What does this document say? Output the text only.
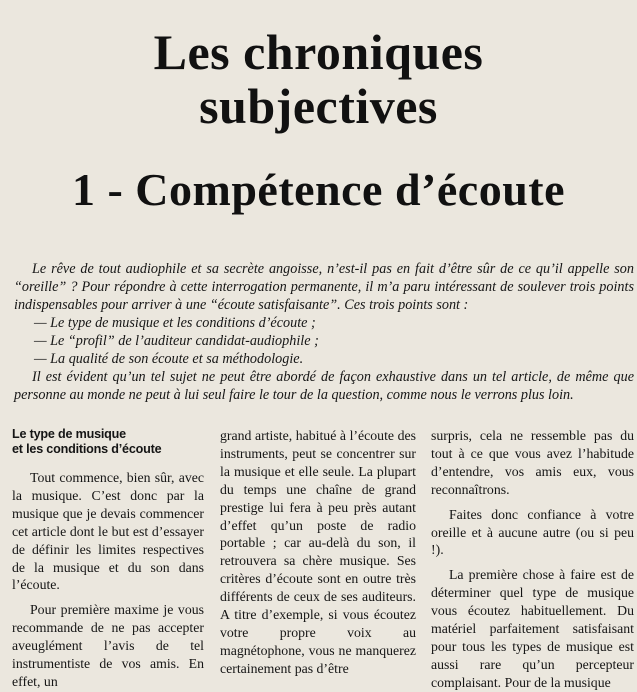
Les chroniques
subjectives
1 - Compétence d’écoute

Le rêve de tout audiophile et sa secrète angoisse, n’est-il pas en fait d’être sûr de ce qu’il appelle son “oreille” ? Pour répondre à cette interrogation permanente, il m’a paru intéressant de soulever trois points indispensables pour arriver à une “écoute satisfaisante”. Ces trois points sont :

— Le type de musique et les conditions d’écoute ;
— Le “profil” de l’auditeur candidat-audiophile ;
— La qualité de son écoute et sa méthodologie.

Il est évident qu’un tel sujet ne peut être abordé de façon exhaustive dans un tel article, de même que personne au monde ne peut à lui seul faire le tour de la question, comme nous le verrons plus loin.

Le type de musique
et les conditions d’écoute

Tout commence, bien sûr, avec la musique. C’est donc par la musique que je devais commencer cet article dont le but est d’essayer de définir les limites respectives de la musique et du son dans l’écoute.

Pour première maxime je vous recommande de ne pas accepter aveuglément l’avis de tel instrumentiste de vos amis. En effet, un

grand artiste, habitué à l’écoute des instruments, peut se concentrer sur la musique et elle seule. La plupart du temps une chaîne de grand prestige lui fera à peu près autant d’effet qu’un poste de radio portable ; car au-delà du son, il retrouvera sa chère musique. Ses critères d’écoute sont en outre très différents de ceux de ses auditeurs. A titre d’exemple, si vous écoutez votre propre voix au magnétophone, vous ne manquerez certainement pas d’être

surpris, cela ne ressemble pas du tout à ce que vous avez l’habitude d’entendre, vos amis eux, vous reconnaîtrons.

Faites donc confiance à votre oreille et à aucune autre (ou si peu !).

La première chose à faire est de déterminer quel type de musique vous écoutez habituellement. Du matériel parfaitement satisfaisant pour tous les types de musique est aussi rare qu’un percepteur complaisant. Pour de la musique
